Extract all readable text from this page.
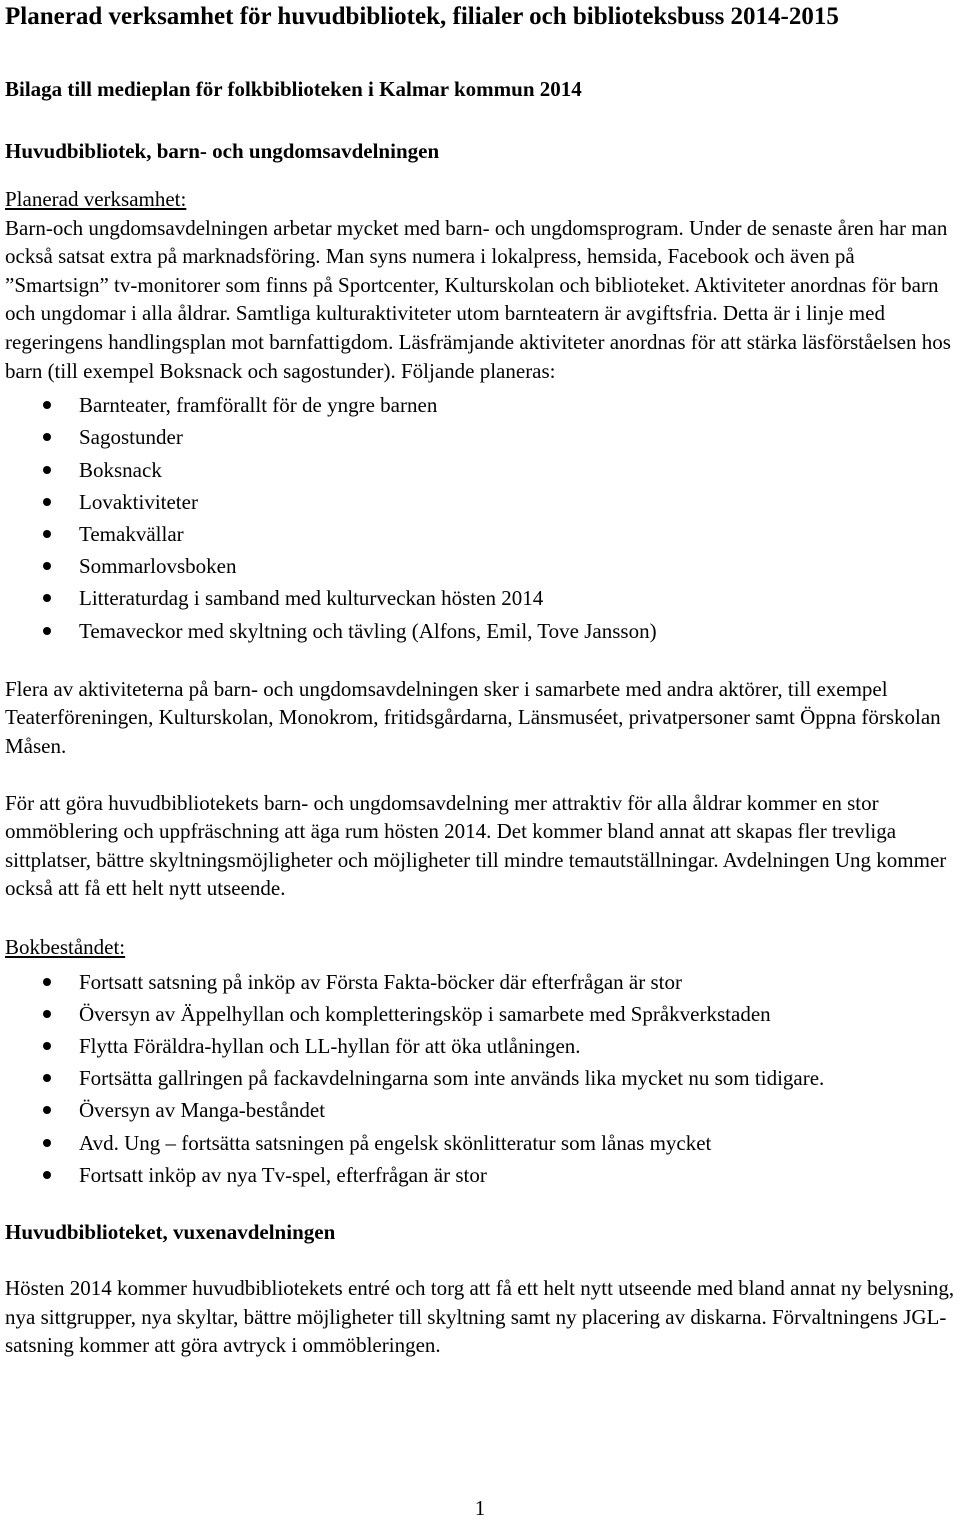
Planerad verksamhet för huvudbibliotek, filialer och biblioteksbuss 2014-2015
Bilaga till medieplan för folkbiblioteken i Kalmar kommun 2014
Huvudbibliotek, barn- och ungdomsavdelningen

Planerad verksamhet:

Barn-och ungdomsavdelningen arbetar mycket med barn- och ungdomsprogram. Under de senaste åren har man också satsat extra på marknadsföring. Man syns numera i lokalpress, hemsida, Facebook och även på ”Smartsign” tv-monitorer som finns på Sportcenter, Kulturskolan och biblioteket. Aktiviteter anordnas för barn och ungdomar i alla åldrar. Samtliga kulturaktiviteter utom barnteatern är avgiftsfria. Detta är i linje med regeringens handlingsplan mot barnfattigdom. Läsfrämjande aktiviteter anordnas för att stärka läsförståelsen hos barn (till exempel Boksnack och sagostunder). Följande planeras:

Barnteater, framförallt för de yngre barnen
Sagostunder
Boksnack
Lovaktiviteter
Temakvällar
Sommarlovsboken
Litteraturdag i samband med kulturveckan hösten 2014
Temaveckor med skyltning och tävling (Alfons, Emil, Tove Jansson)

Flera av aktiviteterna på barn- och ungdomsavdelningen sker i samarbete med andra aktörer, till exempel Teaterföreningen, Kulturskolan, Monokrom, fritidsgårdarna, Länsmuséet, privatpersoner samt Öppna förskolan Måsen.

För att göra huvudbibliotekets barn- och ungdomsavdelning mer attraktiv för alla åldrar kommer en stor ommöblering och uppfräschning att äga rum hösten 2014. Det kommer bland annat att skapas fler trevliga sittplatser, bättre skyltningsmöjligheter och möjligheter till mindre temautställningar. Avdelningen Ung kommer också att få ett helt nytt utseende.

Bokbeståndet:

Fortsatt satsning på inköp av Första Fakta-böcker där efterfrågan är stor
Översyn av Äppelhyllan och kompletteringsköp i samarbete med Språkverkstaden
Flytta Föräldra-hyllan och LL-hyllan för att öka utlåningen.
Fortsätta gallringen på fackavdelningarna som inte används lika mycket nu som tidigare.
Översyn av Manga-beståndet
Avd. Ung – fortsätta satsningen på engelsk skönlitteratur som lånas mycket
Fortsatt inköp av nya Tv-spel, efterfrågan är stor
Huvudbiblioteket, vuxenavdelningen

Hösten 2014 kommer huvudbibliotekets entré och torg att få ett helt nytt utseende med bland annat ny belysning, nya sittgrupper, nya skyltar, bättre möjligheter till skyltning samt ny placering av diskarna. Förvaltningens JGL-satsning kommer att göra avtryck i ommöbleringen.

1
